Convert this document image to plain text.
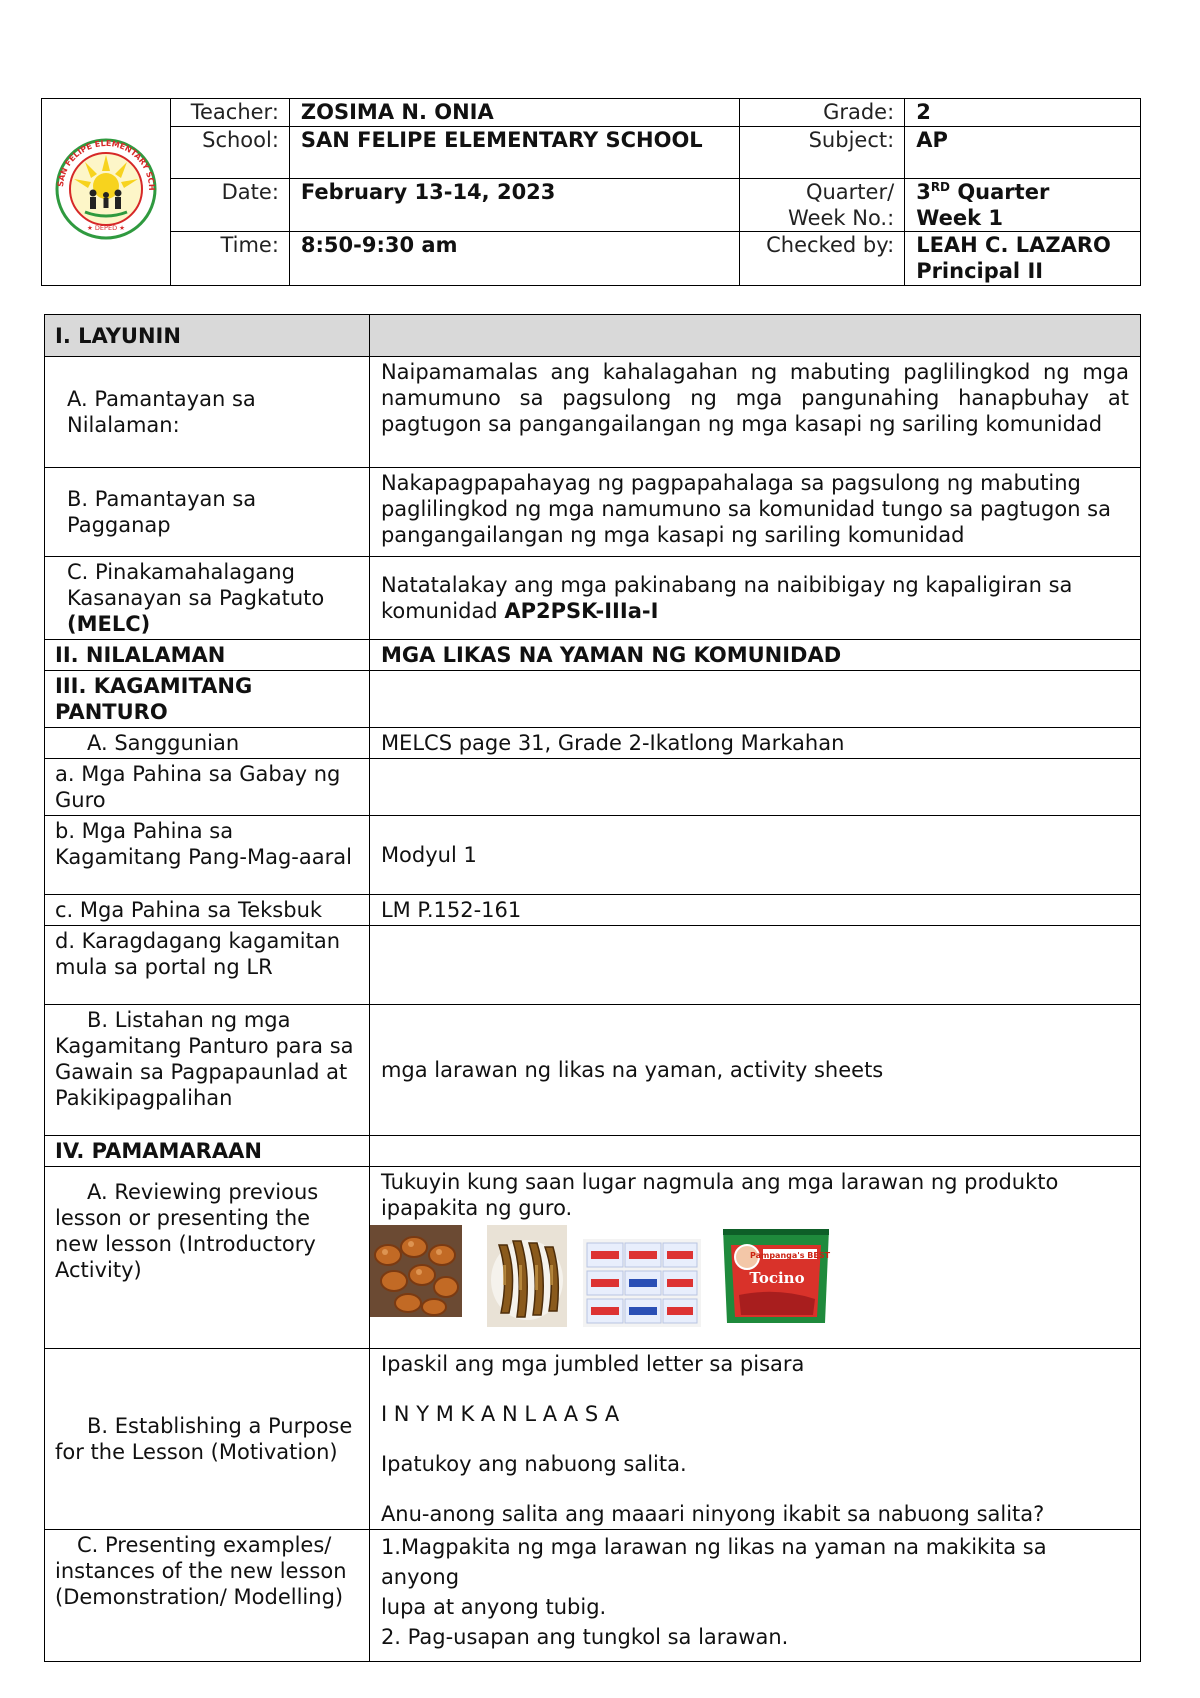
SAN FELIPE ELEMENTARY SCH
★ DEPED ★	Teacher:	ZOSIMA N. ONIA	Grade:	2
	School:	SAN FELIPE ELEMENTARY SCHOOL	Subject:	AP
	Date:	February 13-14, 2023	Quarter/ Week No.:	3RD Quarter
Week 1
	Time:	8:50-9:30 am	Checked by:	LEAH C. LAZARO
Principal II
I. LAYUNIN	
A. Pamantayan sa Nilalaman:	Naipamamalas ang kahalagahan ng mabuting paglilingkod ng mga namumuno sa pagsulong ng mga pangunahing hanapbuhay at pagtugon sa pangangailangan ng mga kasapi ng sariling komunidad
B. Pamantayan sa Pagganap	Nakapagpapahayag ng pagpapahalaga sa pagsulong ng mabuting paglilingkod ng mga namumuno sa komunidad tungo sa pagtugon sa pangangailangan ng mga kasapi ng sariling komunidad
C. Pinakamahalagang Kasanayan sa Pagkatuto
(MELC)	Natatalakay ang mga pakinabang na naibibigay ng kapaligiran sa komunidad AP2PSK-IIIa-I
II. NILALAMAN	MGA LIKAS NA YAMAN NG KOMUNIDAD

III. KAGAMITANG PANTURO	

A. Sanggunian	MELCS page 31, Grade 2-Ikatlong Markahan
a. Mga Pahina sa Gabay ng Guro	
b. Mga Pahina sa Kagamitang Pang-Mag-aaral	Modyul 1
c. Mga Pahina sa Teksbuk	LM P.152-161
d. Karagdagang kagamitan mula sa portal ng LR	

B. Listahan ng mga Kagamitang Panturo para sa Gawain sa Pagpapaunlad at Pakikipagpalihan	mga larawan ng likas na yaman, activity sheets
IV. PAMAMARAAN	

A. Reviewing previous lesson or presenting the new lesson (Introductory Activity)	Tukuyin kung saan lugar nagmula ang mga larawan ng produkto ipapakita ng guro.

Pampanga's BEST
Tocino

B. Establishing a Purpose for the Lesson (Motivation)	Ipaskil ang mga jumbled letter sa pisara

I N Y M K A N L A A S A

Ipatukoy ang nabuong salita.

Anu-anong salita ang maaari ninyong ikabit sa nabuong salita?

C. Presenting examples/ instances of the new lesson (Demonstration/ Modelling)	1.Magpakita ng mga larawan ng likas na yaman na makikita sa anyong

lupa at anyong tubig.

2. Pag-usapan ang tungkol sa larawan.
